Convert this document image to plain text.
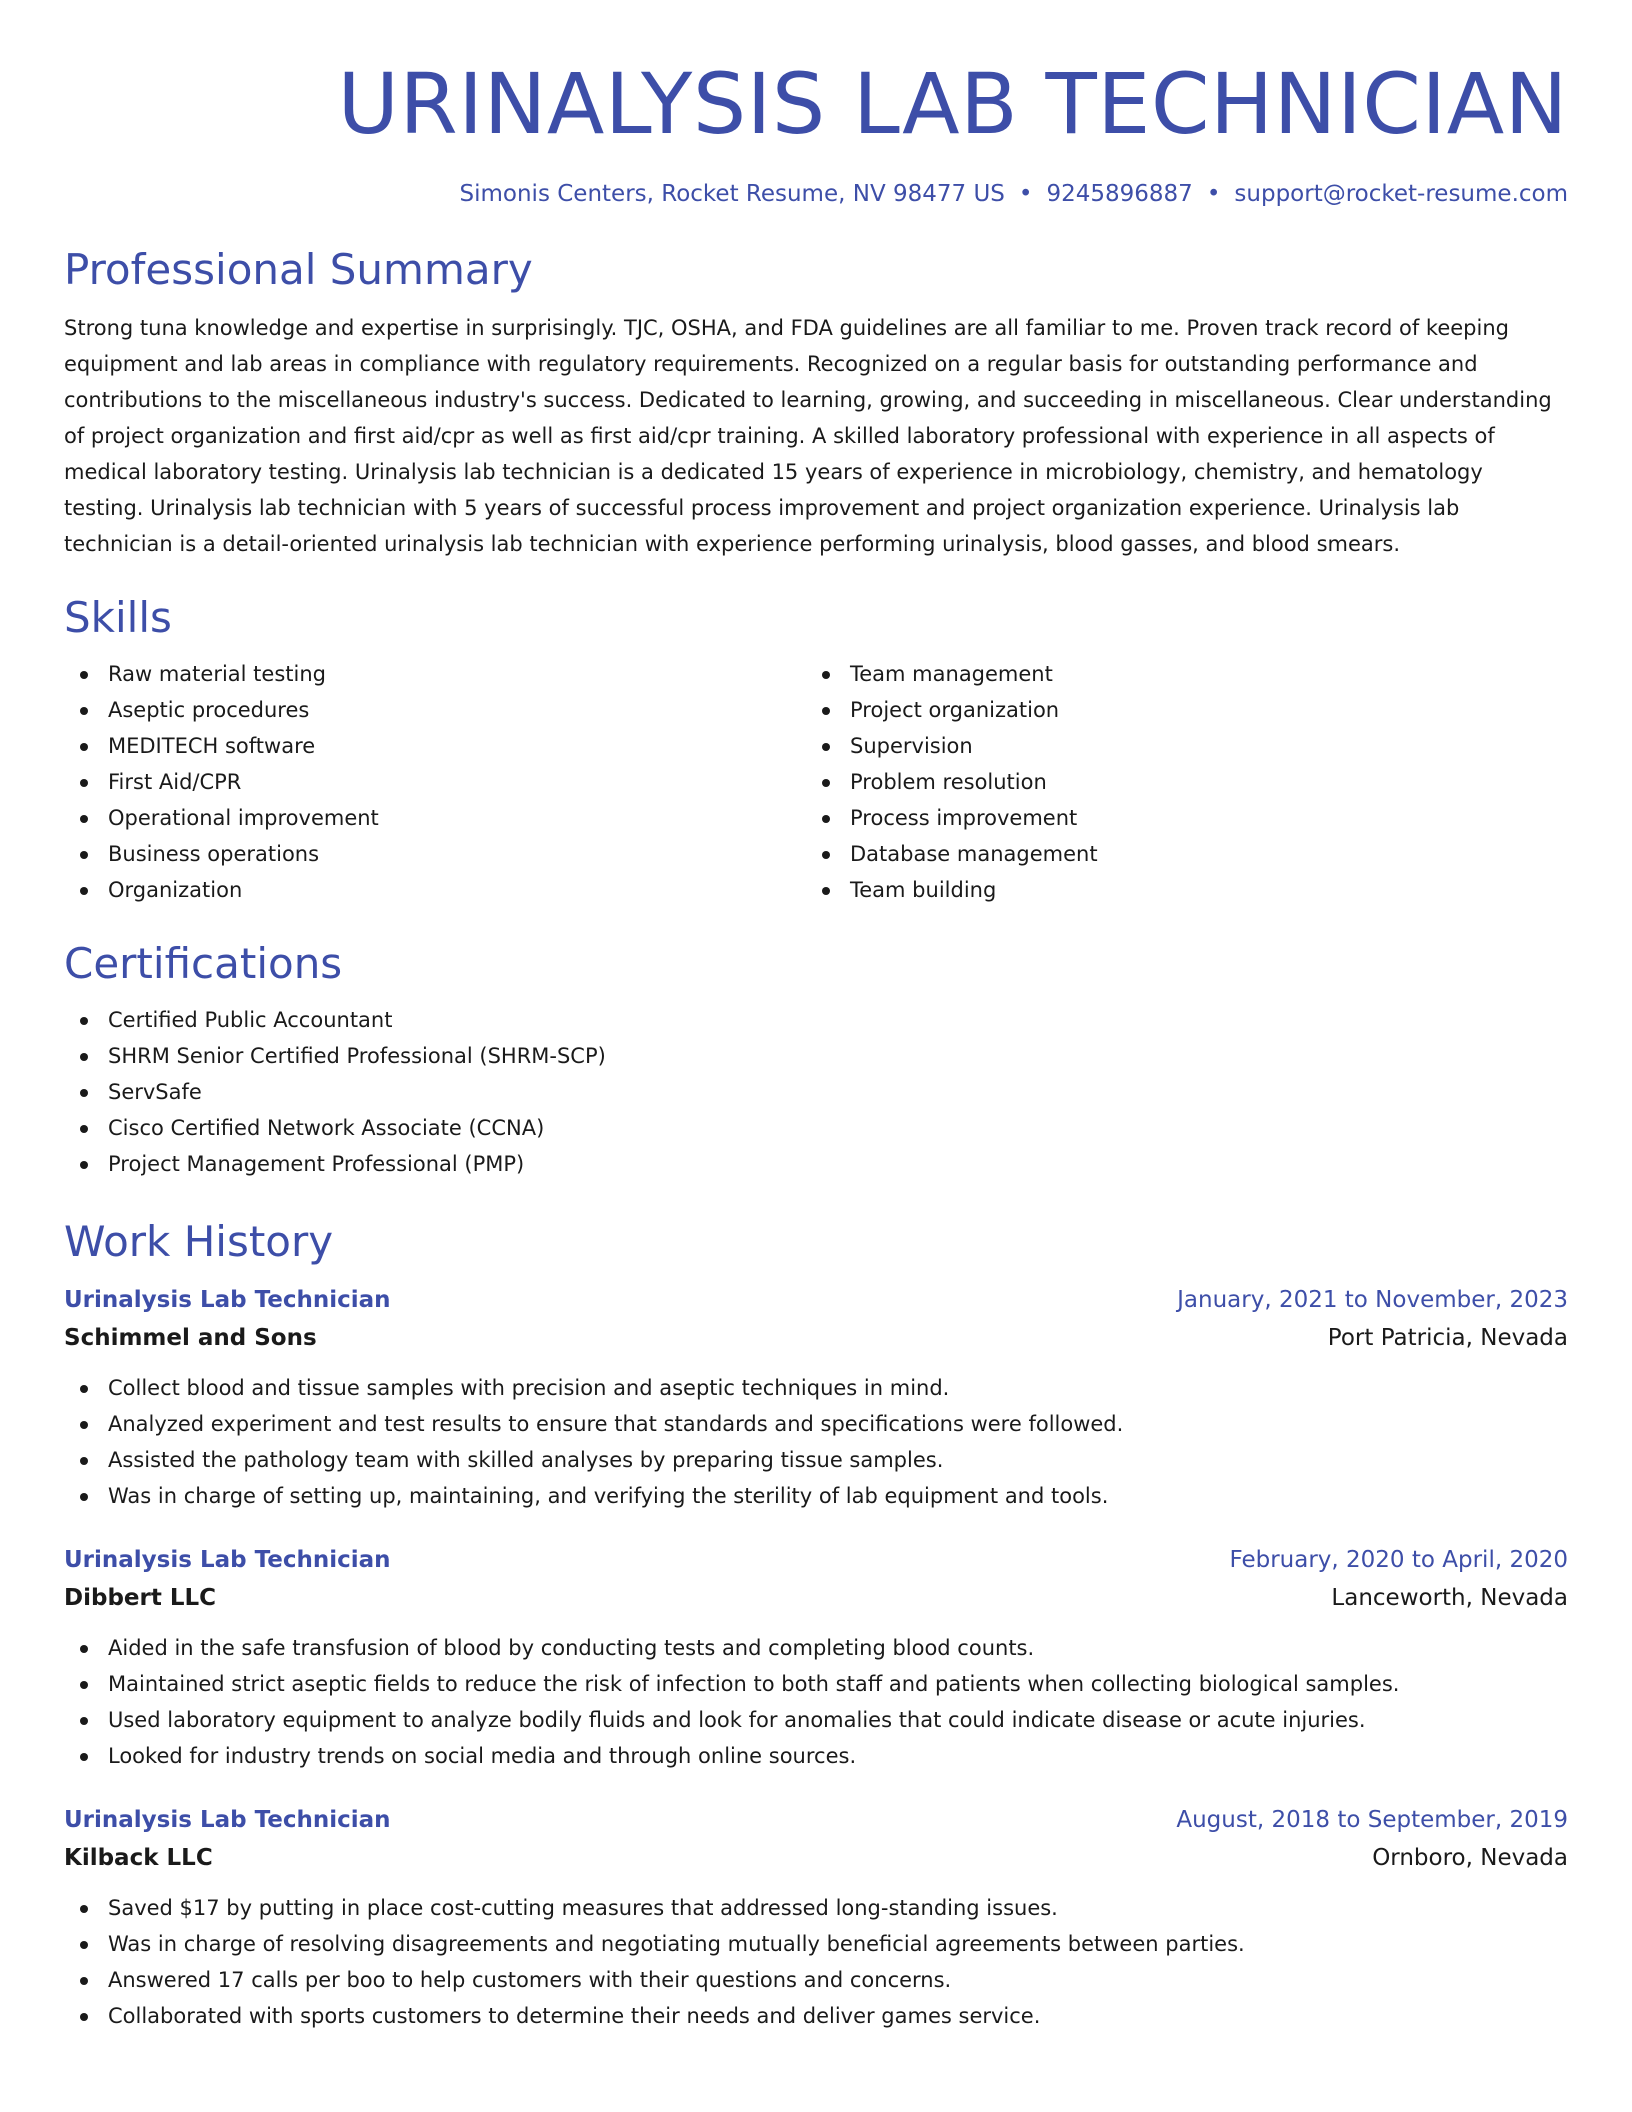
URINALYSIS LAB TECHNICIAN
Simonis Centers, Rocket Resume, NV 98477 US • 9245896887 • support@rocket-resume.com
Professional Summary

Strong tuna knowledge and expertise in surprisingly. TJC, OSHA, and FDA guidelines are all familiar to me. Proven track record of keeping equipment and lab areas in compliance with regulatory requirements. Recognized on a regular basis for outstanding performance and contributions to the miscellaneous industry's success. Dedicated to learning, growing, and succeeding in miscellaneous. Clear understanding of project organization and first aid/cpr as well as first aid/cpr training. A skilled laboratory professional with experience in all aspects of medical laboratory testing. Urinalysis lab technician is a dedicated 15 years of experience in microbiology, chemistry, and hematology testing. Urinalysis lab technician with 5 years of successful process improvement and project organization experience. Urinalysis lab technician is a detail-oriented urinalysis lab technician with experience performing urinalysis, blood gasses, and blood smears.

Skills
Raw material testing
Aseptic procedures
MEDITECH software
First Aid/CPR
Operational improvement
Business operations
Organization
Team management
Project organization
Supervision
Problem resolution
Process improvement
Database management
Team building
Certifications
Certified Public Accountant
SHRM Senior Certified Professional (SHRM-SCP)
ServSafe
Cisco Certified Network Associate (CCNA)
Project Management Professional (PMP)
Work History
Urinalysis Lab Technician	January, 2021 to November, 2023
Schimmel and Sons	Port Patricia, Nevada
Collect blood and tissue samples with precision and aseptic techniques in mind.
Analyzed experiment and test results to ensure that standards and specifications were followed.
Assisted the pathology team with skilled analyses by preparing tissue samples.
Was in charge of setting up, maintaining, and verifying the sterility of lab equipment and tools.
Urinalysis Lab Technician	February, 2020 to April, 2020
Dibbert LLC	Lanceworth, Nevada
Aided in the safe transfusion of blood by conducting tests and completing blood counts.
Maintained strict aseptic fields to reduce the risk of infection to both staff and patients when collecting biological samples.
Used laboratory equipment to analyze bodily fluids and look for anomalies that could indicate disease or acute injuries.
Looked for industry trends on social media and through online sources.
Urinalysis Lab Technician	August, 2018 to September, 2019
Kilback LLC	Ornboro, Nevada
Saved $17 by putting in place cost-cutting measures that addressed long-standing issues.
Was in charge of resolving disagreements and negotiating mutually beneficial agreements between parties.
Answered 17 calls per boo to help customers with their questions and concerns.
Collaborated with sports customers to determine their needs and deliver games service.
